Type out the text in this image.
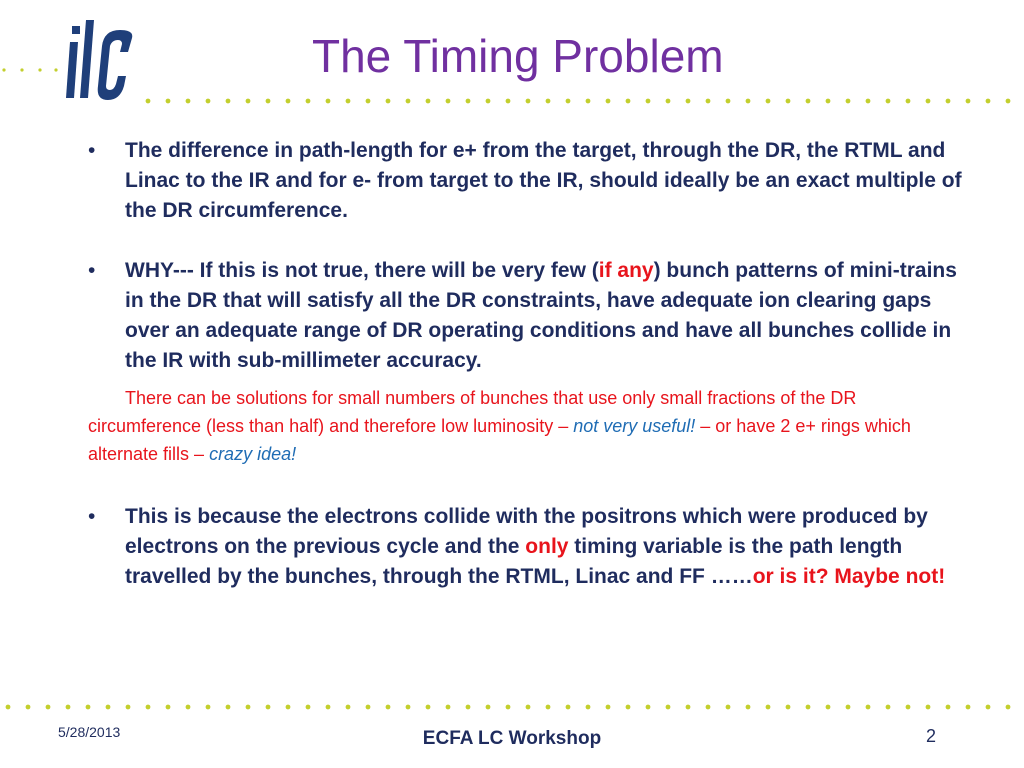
The Timing Problem
• The difference in path-length for e+ from the target, through the DR, the RTML and Linac to the IR and for e- from target to the IR, should ideally be an exact multiple of the DR circumference.
• WHY--- If this is not true, there will be very few (if any) bunch patterns of mini-trains in the DR that will satisfy all the DR constraints, have adequate ion clearing gaps over an adequate range of DR operating conditions and have all bunches collide in the IR with sub-millimeter accuracy.
There can be solutions for small numbers of bunches that use only small fractions of the DR circumference (less than half) and therefore low luminosity – not very useful! – or have 2 e+ rings which alternate fills – crazy idea!
• This is because the electrons collide with the positrons which were produced by electrons on the previous cycle and the only timing variable is the path length travelled by the bunches, through the RTML, Linac and FF ……or is it? Maybe not!
5/28/2013	ECFA LC Workshop	2
